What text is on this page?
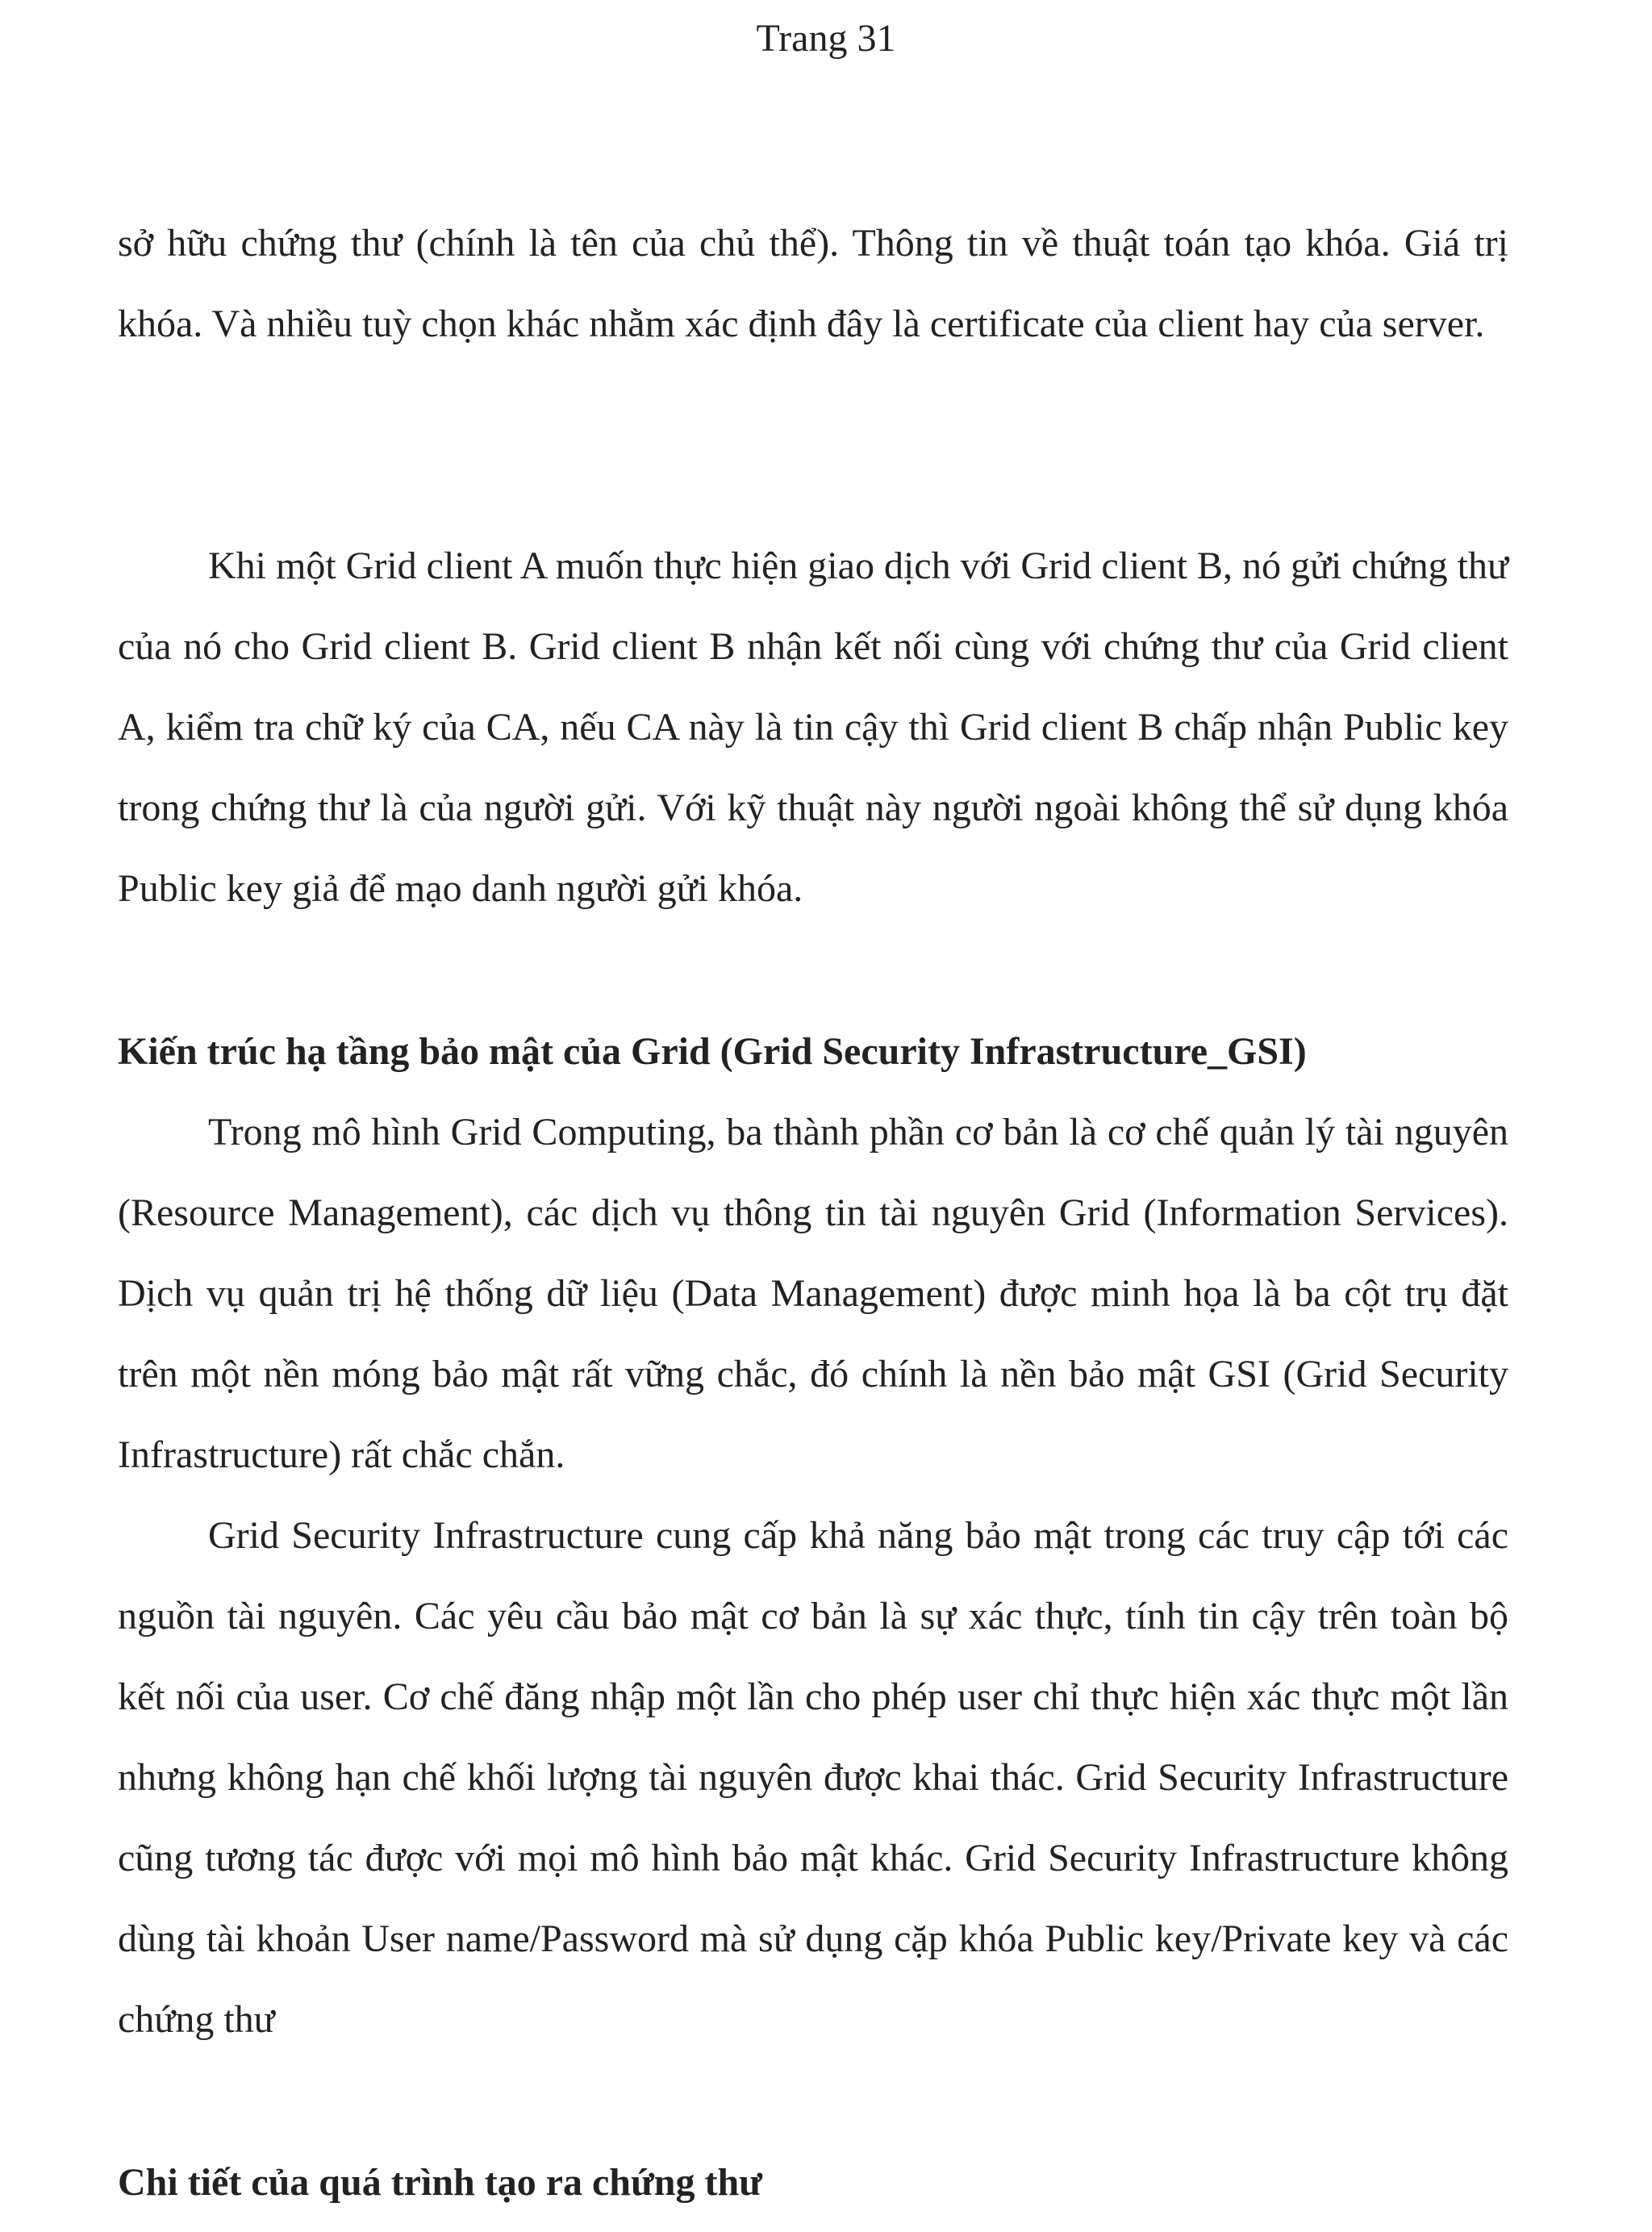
Trang 31

sở hữu chứng thư (chính là tên của chủ thể). Thông tin về thuật toán tạo khóa. Giá trị khóa. Và nhiều tuỳ chọn khác nhằm xác định đây là certificate của client hay của server.

Khi một Grid client A muốn thực hiện giao dịch với Grid client B, nó gửi chứng thư của nó cho Grid client B. Grid client B nhận kết nối cùng với chứng thư của Grid client A, kiểm tra chữ ký của CA, nếu CA này là tin cậy thì Grid client B chấp nhận Public key trong chứng thư là của người gửi. Với kỹ thuật này người ngoài không thể sử dụng khóa Public key giả để mạo danh người gửi khóa.

Kiến trúc hạ tầng bảo mật của Grid (Grid Security Infrastructure_GSI)

Trong mô hình Grid Computing, ba thành phần cơ bản là cơ chế quản lý tài nguyên (Resource Management), các dịch vụ thông tin tài nguyên Grid (Information Services). Dịch vụ quản trị hệ thống dữ liệu (Data Management) được minh họa là ba cột trụ đặt trên một nền móng bảo mật rất vững chắc, đó chính là nền bảo mật GSI (Grid Security Infrastructure) rất chắc chắn.

Grid Security Infrastructure cung cấp khả năng bảo mật trong các truy cập tới các nguồn tài nguyên. Các yêu cầu bảo mật cơ bản là sự xác thực, tính tin cậy trên toàn bộ kết nối của user. Cơ chế đăng nhập một lần cho phép user chỉ thực hiện xác thực một lần nhưng không hạn chế khối lượng tài nguyên được khai thác. Grid Security Infrastructure cũng tương tác được với mọi mô hình bảo mật khác. Grid Security Infrastructure không dùng tài khoản User name/Password mà sử dụng cặp khóa Public key/Private key và các chứng thư

Chi tiết của quá trình tạo ra chứng thư
